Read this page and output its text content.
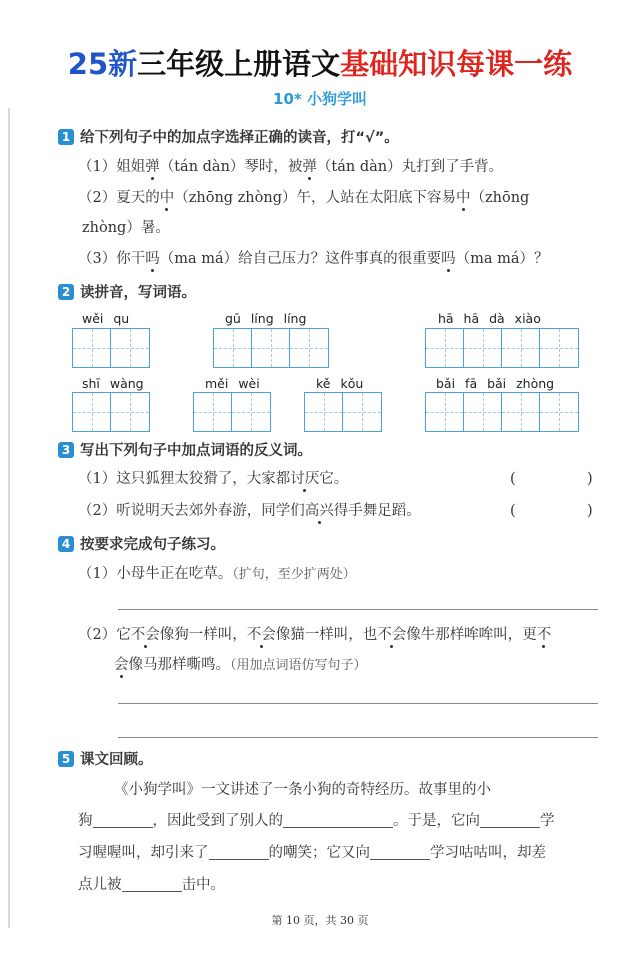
25新三年级上册语文基础知识每课一练
10* 小狗学叫
1 给下列句子中的加点字选择正确的读音，打“√”。
（1）姐姐弹（tán dàn）琴时，被弹（tán dàn）丸打到了手背。
（2）夏天的中（zhōng zhòng）午，人站在太阳底下容易中（zhōng
zhòng）暑。
（3）你干吗（ma má）给自己压力？这件事真的很重要吗（ma má）？
2 读拼音，写词语。
wěi qu	gū líng líng	hā hā dà xiào
shī wàng	měi wèi	kě kǒu	bǎi fā bǎi zhòng
3 写出下列句子中加点词语的反义词。
（1）这只狐狸太狡猾了，大家都讨厌它。	(	)
（2）听说明天去郊外春游，同学们高兴得手舞足蹈。	(	)
4 按要求完成句子练习。
（1）小母牛正在吃草。（扩句，至少扩两处）
（2）它不会像狗一样叫，不会像猫一样叫，也不会像牛那样哞哞叫，更不
会像马那样嘶鸣。（用加点词语仿写句子）
5 课文回顾。
《小狗学叫》一文讲述了一条小狗的奇特经历。故事里的小
狗	，因此受到了别人的	。于是，它向	学
习喔喔叫，却引来了	的嘲笑；它又向	学习咕咕叫，却差
点儿被	击中。
第 10 页，共 30 页
